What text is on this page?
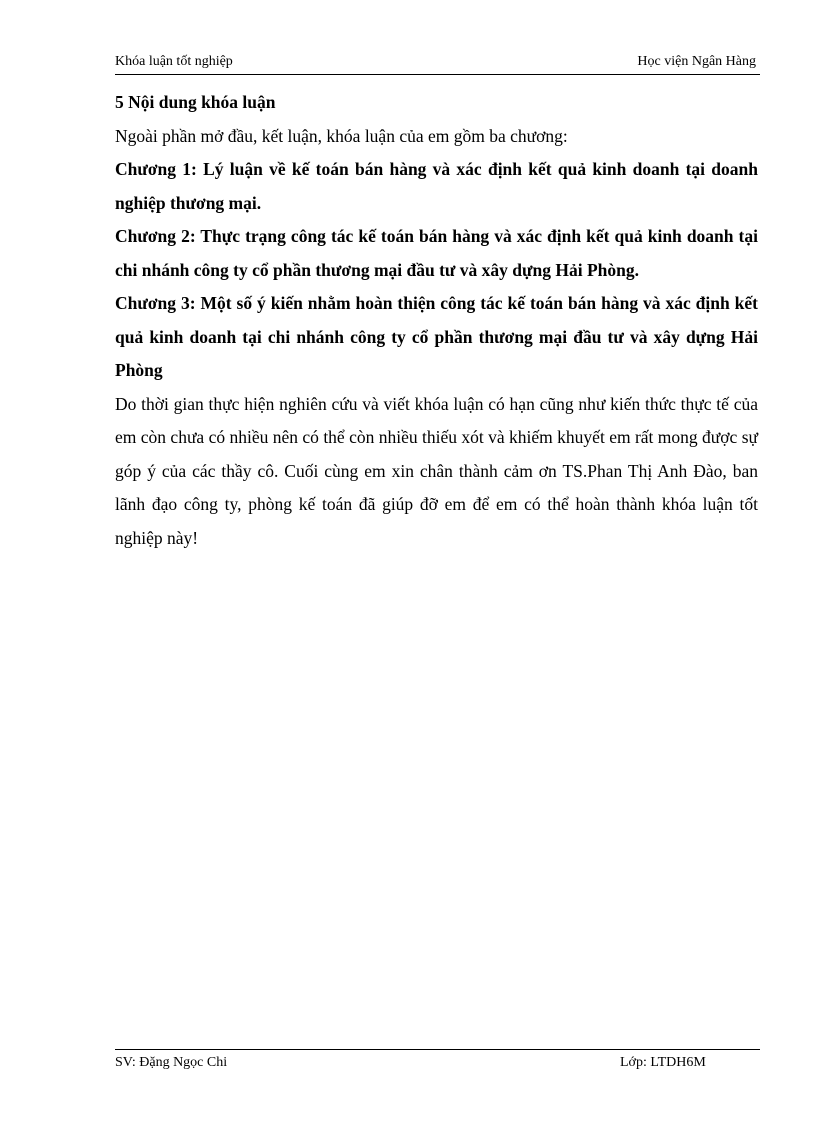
Khóa luận tốt nghiệp	Học viện Ngân Hàng

5 Nội dung khóa luận

Ngoài phần mở đầu, kết luận, khóa luận của em gồm ba chương:

Chương 1: Lý luận về kế toán bán hàng và xác định kết quả kinh doanh tại doanh nghiệp thương mại.

Chương 2: Thực trạng công tác kế toán bán hàng và xác định kết quả kinh doanh tại chi nhánh công ty cổ phần thương mại đầu tư và xây dựng Hải Phòng.

Chương 3: Một số ý kiến nhằm hoàn thiện công tác kế toán bán hàng và xác định kết quả kinh doanh tại chi nhánh công ty cổ phần thương mại đầu tư và xây dựng Hải Phòng

Do thời gian thực hiện nghiên cứu và viết khóa luận có hạn cũng như kiến thức thực tế của em còn chưa có nhiều nên có thể còn nhiều thiếu xót và khiếm khuyết em rất mong được sự góp ý của các thầy cô. Cuối cùng em xin chân thành cảm ơn TS.Phan Thị Anh Đào, ban lãnh đạo công ty, phòng kế toán đã giúp đỡ em để em có thể hoàn thành khóa luận tốt nghiệp này!

SV: Đặng Ngọc Chi	Lớp: LTDH6M
